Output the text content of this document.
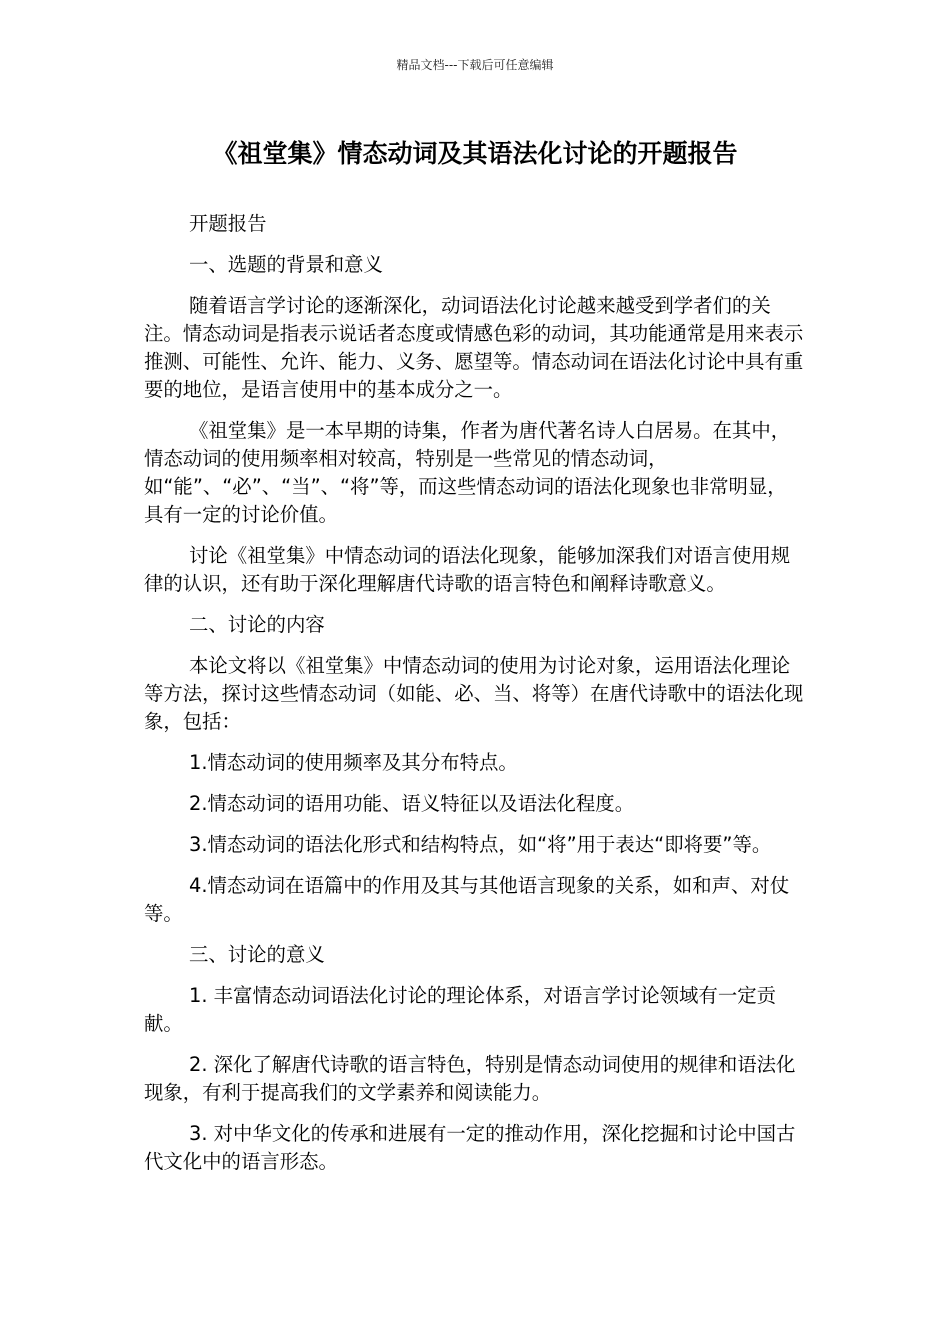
精品文档---下载后可任意编辑
《祖堂集》情态动词及其语法化讨论的开题报告

开题报告

一、选题的背景和意义

随着语言学讨论的逐渐深化，动词语法化讨论越来越受到学者们的关注。情态动词是指表示说话者态度或情感色彩的动词，其功能通常是用来表示推测、可能性、允许、能力、义务、愿望等。情态动词在语法化讨论中具有重要的地位，是语言使用中的基本成分之一。

《祖堂集》是一本早期的诗集，作者为唐代著名诗人白居易。在其中，情态动词的使用频率相对较高，特别是一些常见的情态动词，如“能”、“必”、“当”、“将”等，而这些情态动词的语法化现象也非常明显，具有一定的讨论价值。

讨论《祖堂集》中情态动词的语法化现象，能够加深我们对语言使用规律的认识，还有助于深化理解唐代诗歌的语言特色和阐释诗歌意义。

二、讨论的内容

本论文将以《祖堂集》中情态动词的使用为讨论对象，运用语法化理论等方法，探讨这些情态动词（如能、必、当、将等）在唐代诗歌中的语法化现象，包括：

1.情态动词的使用频率及其分布特点。

2.情态动词的语用功能、语义特征以及语法化程度。

3.情态动词的语法化形式和结构特点，如“将”用于表达“即将要”等。

4.情态动词在语篇中的作用及其与其他语言现象的关系，如和声、对仗等。

三、讨论的意义

1. 丰富情态动词语法化讨论的理论体系，对语言学讨论领域有一定贡献。

2. 深化了解唐代诗歌的语言特色，特别是情态动词使用的规律和语法化现象，有利于提高我们的文学素养和阅读能力。

3. 对中华文化的传承和进展有一定的推动作用，深化挖掘和讨论中国古代文化中的语言形态。
